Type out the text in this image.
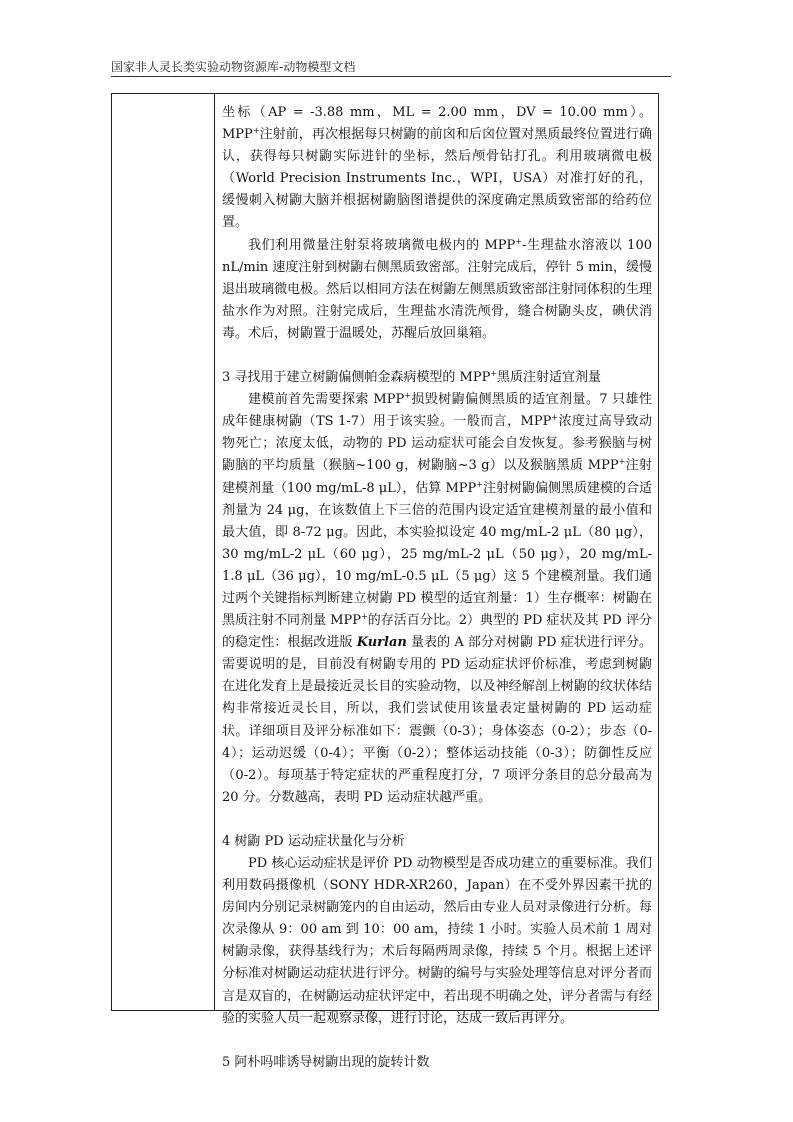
国家非人灵长类实验动物资源库-动物模型文档

坐标（AP = -3.88 mm，ML = 2.00 mm，DV = 10.00 mm）。MPP+注射前，再次根据每只树鼩的前囟和后囟位置对黑质最终位置进行确认，获得每只树鼩实际进针的坐标，然后颅骨钻打孔。利用玻璃微电极（World Precision Instruments Inc.，WPI，USA）对准打好的孔，缓慢刺入树鼩大脑并根据树鼩脑图谱提供的深度确定黑质致密部的给药位置。

我们利用微量注射泵将玻璃微电极内的 MPP+-生理盐水溶液以 100 nL/min 速度注射到树鼩右侧黑质致密部。注射完成后，停针 5 min，缓慢退出玻璃微电极。然后以相同方法在树鼩左侧黑质致密部注射同体积的生理盐水作为对照。注射完成后，生理盐水清洗颅骨，缝合树鼩头皮，碘伏消毒。术后，树鼩置于温暖处，苏醒后放回巢箱。

3 寻找用于建立树鼩偏侧帕金森病模型的 MPP+黑质注射适宜剂量

建模前首先需要探索 MPP+损毁树鼩偏侧黑质的适宜剂量。7 只雄性成年健康树鼩（TS 1-7）用于该实验。一般而言，MPP+浓度过高导致动物死亡；浓度太低，动物的 PD 运动症状可能会自发恢复。参考猴脑与树鼩脑的平均质量（猴脑~100 g，树鼩脑~3 g）以及猴脑黑质 MPP+注射建模剂量（100 mg/mL-8 μL），估算 MPP+注射树鼩偏侧黑质建模的合适剂量为 24 μg，在该数值上下三倍的范围内设定适宜建模剂量的最小值和最大值，即 8-72 μg。因此，本实验拟设定 40 mg/mL-2 μL（80 μg）， 30 mg/mL-2 μL（60 μg），25 mg/mL-2 μL（50 μg），20 mg/mL-1.8 μL（36 μg），10 mg/mL-0.5 μL（5 μg）这 5 个建模剂量。我们通过两个关键指标判断建立树鼩 PD 模型的适宜剂量：1）生存概率：树鼩在黑质注射不同剂量 MPP+的存活百分比。2）典型的 PD 症状及其 PD 评分的稳定性：根据改进版 Kurlan 量表的 A 部分对树鼩 PD 症状进行评分。需要说明的是，目前没有树鼩专用的 PD 运动症状评价标准，考虑到树鼩在进化发育上是最接近灵长目的实验动物，以及神经解剖上树鼩的纹状体结构非常接近灵长目，所以，我们尝试使用该量表定量树鼩的 PD 运动症状。详细项目及评分标准如下：震颤（0-3）；身体姿态（0-2）；步态（0-4）；运动迟缓（0-4）；平衡（0-2）；整体运动技能（0-3）；防御性反应（0-2）。每项基于特定症状的严重程度打分，7 项评分条目的总分最高为 20 分。分数越高，表明 PD 运动症状越严重。

4 树鼩 PD 运动症状量化与分析

PD 核心运动症状是评价 PD 动物模型是否成功建立的重要标准。我们利用数码摄像机（SONY HDR-XR260，Japan）在不受外界因素干扰的房间内分别记录树鼩笼内的自由运动，然后由专业人员对录像进行分析。每次录像从 9：00 am 到 10：00 am，持续 1 小时。实验人员术前 1 周对树鼩录像，获得基线行为；术后每隔两周录像，持续 5 个月。根据上述评分标准对树鼩运动症状进行评分。树鼩的编号与实验处理等信息对评分者而言是双盲的，在树鼩运动症状评定中，若出现不明确之处，评分者需与有经验的实验人员一起观察录像，进行讨论，达成一致后再评分。

5 阿朴吗啡诱导树鼩出现的旋转计数
